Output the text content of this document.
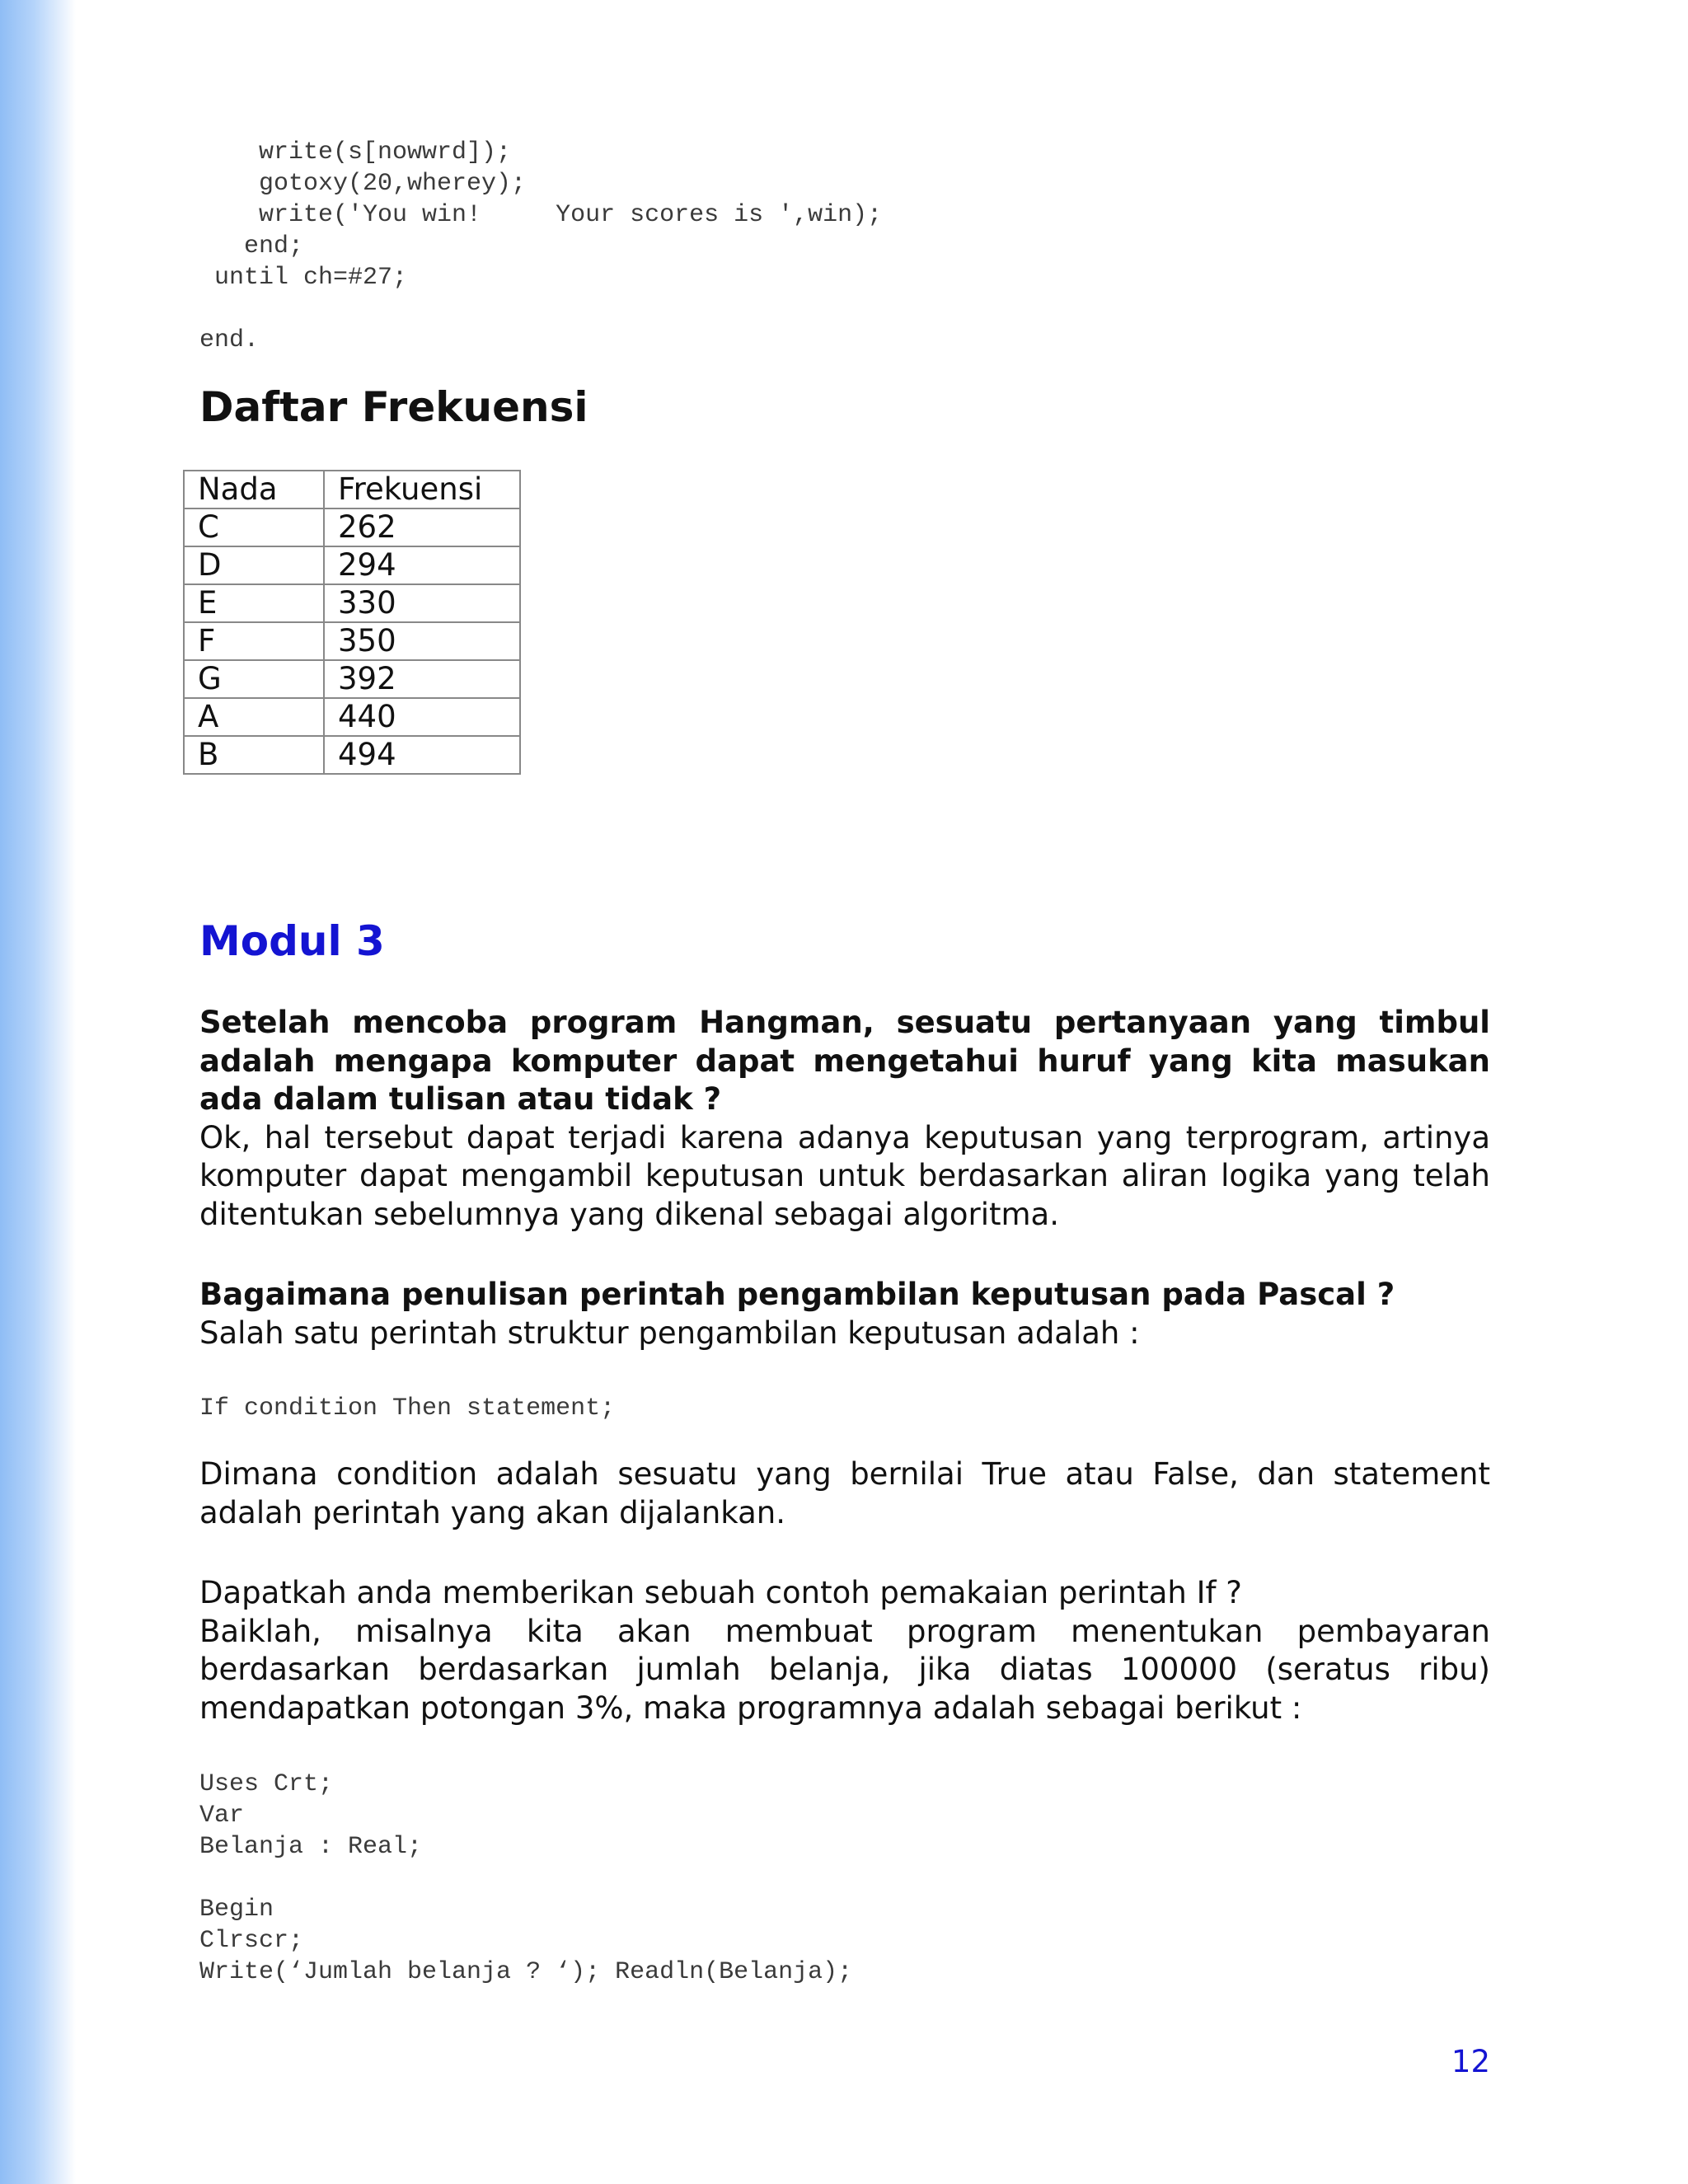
write(s[nowwrd]);
gotoxy(20,wherey);
write('You win!     Your scores is ',win);
end;
until ch=#27;

end.
Daftar Frekuensi
Nada	Frekuensi
C	262
D	294
E	330
F	350
G	392
A	440
B	494
Modul 3

Setelah mencoba program Hangman, sesuatu pertanyaan yang timbul adalah mengapa komputer dapat mengetahui huruf yang kita masukan ada dalam tulisan atau tidak ?
Ok, hal tersebut dapat terjadi karena adanya keputusan yang terprogram, artinya komputer dapat mengambil keputusan untuk berdasarkan aliran logika yang telah ditentukan sebelumnya yang dikenal sebagai algoritma.

Bagaimana penulisan perintah pengambilan keputusan pada Pascal ?
Salah satu perintah struktur pengambilan keputusan adalah :

If condition Then statement;

Dimana condition adalah sesuatu yang bernilai True atau False, dan statement adalah perintah yang akan dijalankan.

Dapatkah anda memberikan sebuah contoh pemakaian perintah If ?
Baiklah, misalnya kita akan membuat program menentukan pembayaran berdasarkan berdasarkan jumlah belanja, jika diatas 100000 (seratus ribu) mendapatkan potongan 3%, maka programnya adalah sebagai berikut :

Uses Crt;
Var
Belanja : Real;

Begin
Clrscr;
Write(‘Jumlah belanja ? ‘); Readln(Belanja);
12
